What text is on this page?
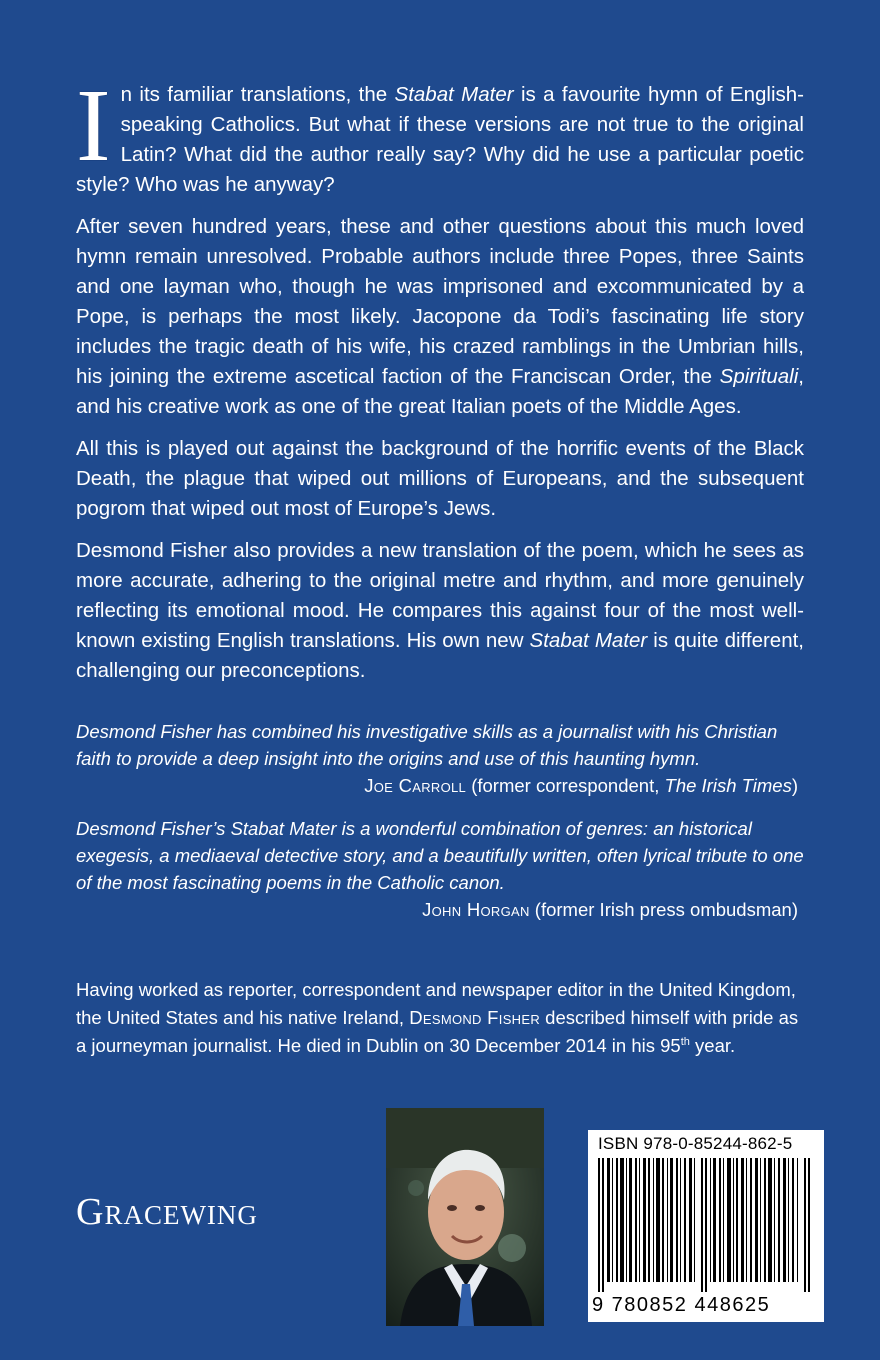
In its familiar translations, the Stabat Mater is a favourite hymn of English-speaking Catholics. But what if these versions are not true to the original Latin? What did the author really say? Why did he use a particular poetic style? Who was he anyway?

After seven hundred years, these and other questions about this much loved hymn remain unresolved. Probable authors include three Popes, three Saints and one layman who, though he was imprisoned and excommunicated by a Pope, is perhaps the most likely. Jacopone da Todi’s fascinating life story includes the tragic death of his wife, his crazed ramblings in the Umbrian hills, his joining the extreme ascetical faction of the Franciscan Order, the Spirituali, and his creative work as one of the great Italian poets of the Middle Ages.

All this is played out against the background of the horrific events of the Black Death, the plague that wiped out millions of Europeans, and the subsequent pogrom that wiped out most of Europe’s Jews.

Desmond Fisher also provides a new translation of the poem, which he sees as more accurate, adhering to the original metre and rhythm, and more genuinely reflecting its emotional mood. He compares this against four of the most well-known existing English translations. His own new Stabat Mater is quite different, challenging our preconceptions.

Desmond Fisher has combined his investigative skills as a journalist with his Christian faith to provide a deep insight into the origins and use of this haunting hymn.

Joe Carroll (former correspondent, The Irish Times)

Desmond Fisher’s Stabat Mater is a wonderful combination of genres: an historical exegesis, a mediaeval detective story, and a beautifully written, often lyrical tribute to one of the most fascinating poems in the Catholic canon.

John Horgan (former Irish press ombudsman)

Having worked as reporter, correspondent and newspaper editor in the United Kingdom, the United States and his native Ireland, Desmond Fisher described himself with pride as a journeyman journalist. He died in Dublin on 30 December 2014 in his 95th year.

Gracewing
ISBN 978-0-85244-862-5
9 780852 448625
